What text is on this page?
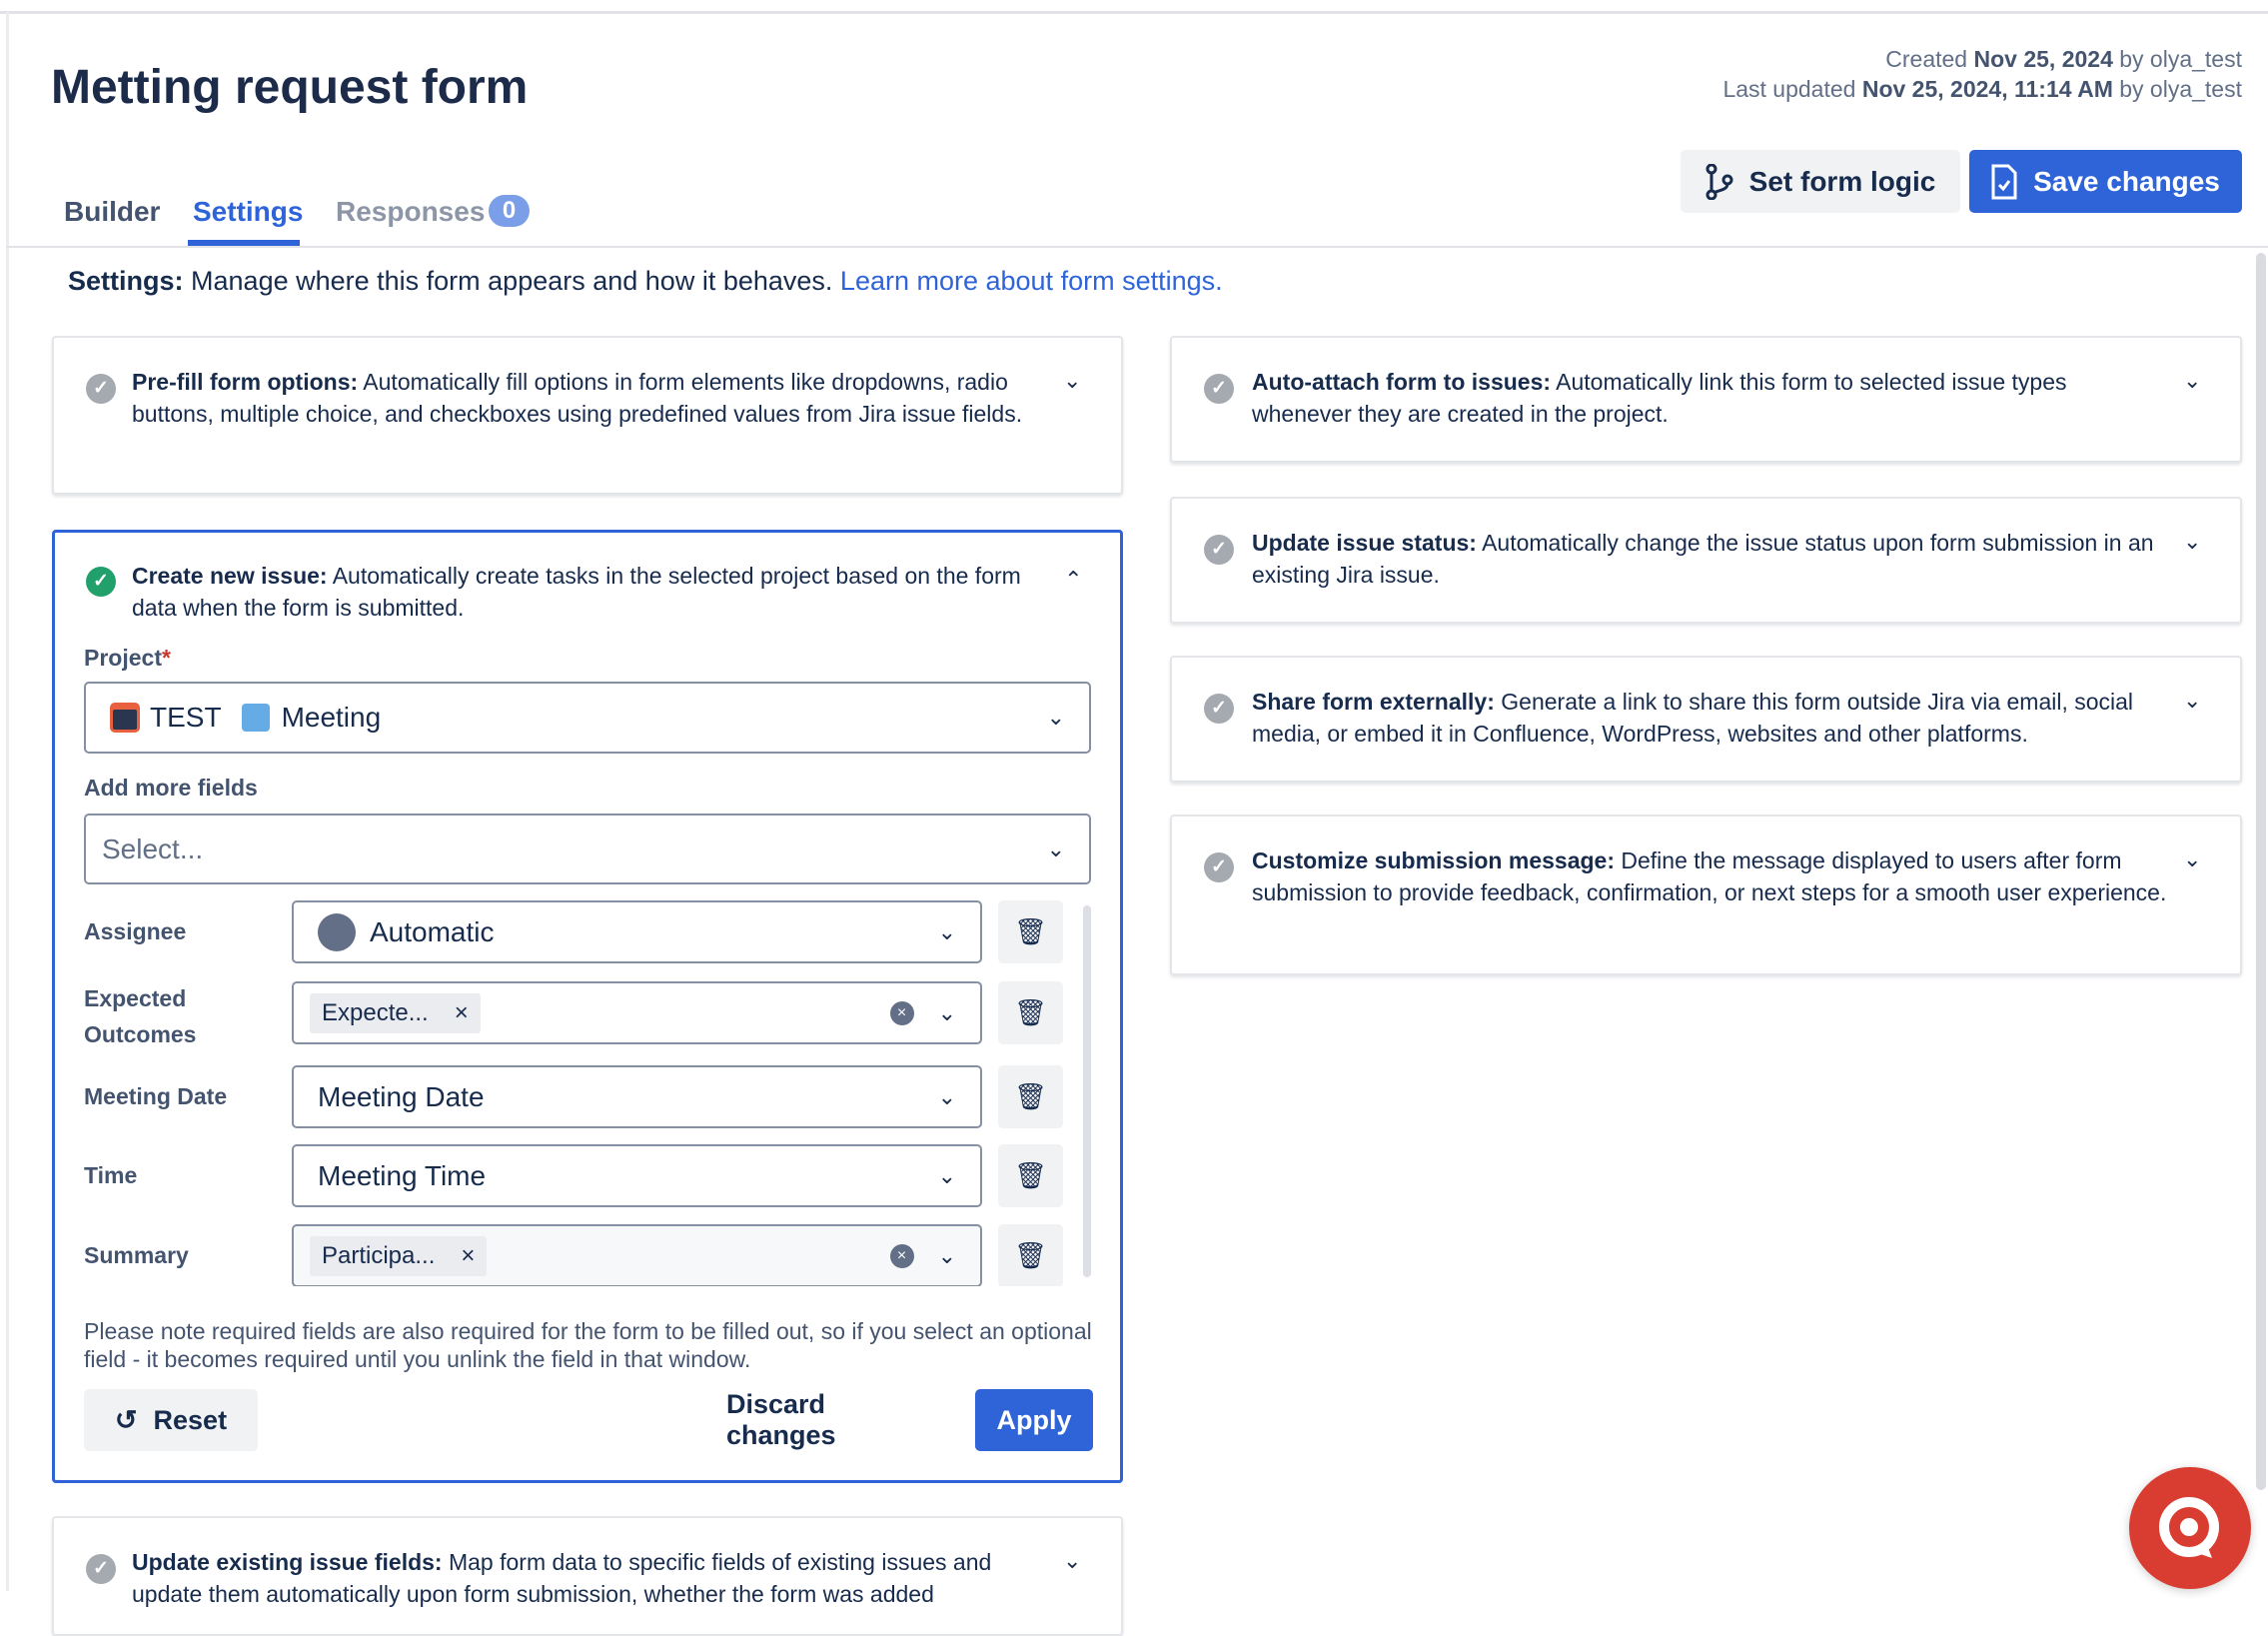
Metting request form
Created Nov 25, 2024 by olya_test
Last updated Nov 25, 2024, 11:14 AM by olya_test
Set form logic	Save changes
Builder Settings Responses 0
Settings: Manage where this form appears and how it behaves. Learn more about form settings.
✓	Pre-fill form options: Automatically fill options in form elements like dropdowns, radio buttons, multiple choice, and checkboxes using predefined values from Jira issue fields.
⌄
✓	Create new issue: Automatically create tasks in the selected project based on the form data when the form is submitted.
⌄
Project*
TEST Meeting	⌄
Add more fields
Select...	⌄
Assignee	Automatic	⌄ 🗑
Expected Outcomes
Expecte... ×	×	⌄ 🗑
Meeting Date	Meeting Date	⌄ 🗑
Time	Meeting Time	⌄ 🗑
Summary	Participa... ×	×	⌄ 🗑
Please note required fields are also required for the form to be filled out, so if you select an optional field - it becomes required until you unlink the field in that window.
↺ Reset
Discard changes
Apply
✓	Update existing issue fields: Map form data to specific fields of existing issues and update them automatically upon form submission, whether the form was added
⌄
✓	Auto-attach form to issues: Automatically link this form to selected issue types whenever they are created in the project.
⌄
✓	Update issue status: Automatically change the issue status upon form submission in an existing Jira issue.
⌄
✓	Share form externally: Generate a link to share this form outside Jira via email, social media, or embed it in Confluence, WordPress, websites and other platforms.
⌄
✓	Customize submission message: Define the message displayed to users after form submission to provide feedback, confirmation, or next steps for a smooth user experience.
⌄
